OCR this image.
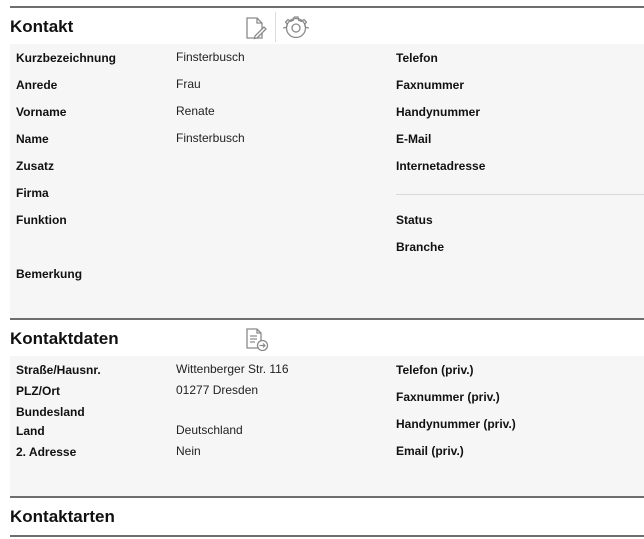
Kontakt
Kurzbezeichnung	Finsterbusch
Anrede	Frau
Vorname	Renate
Name	Finsterbusch
Zusatz
Firma
Funktion
Bemerkung
Telefon
Faxnummer
Handynummer
E-Mail
Internetadresse
Status
Branche
Kontaktdaten
Straße/Hausnr.	Wittenberger Str. 116
PLZ/Ort	01277 Dresden
Bundesland
Land	Deutschland
2. Adresse	Nein
Telefon (priv.)
Faxnummer (priv.)
Handynummer (priv.)
Email (priv.)
Kontaktarten
